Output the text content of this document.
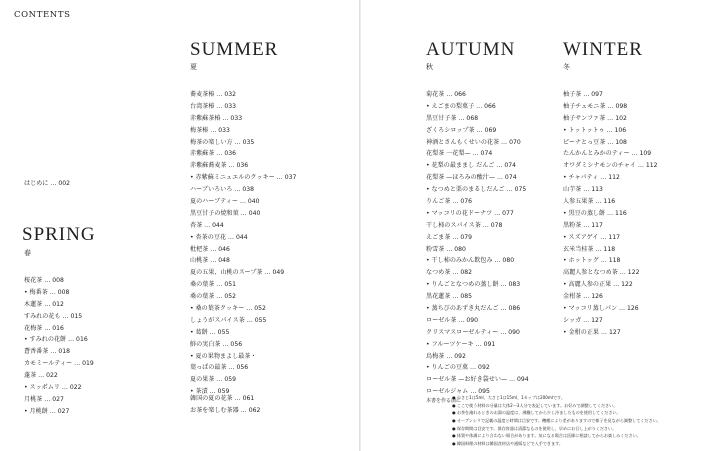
CONTENTS
SUMMER
夏
蕎麦茶椿 … 032
台湾茶椿 … 033
赤紫蘇茶椿 … 033
梅茶椿 … 033
梅茶の楽しい方 … 035
赤紫蘇茶 … 036
赤紫蘇蕎麦茶 … 036
• 赤紫蘇ミニュエルのクッキー … 037
ハーブいろいろ … 038
夏のハーブティー … 040
黒豆甘子の焼和菓 … 040
杏茶 … 044
• 杏茶の豆花 … 044
枇杷茶 … 046
山桃茶 … 048
夏の五果、山桃のスープ茶 … 049
桑の葉茶 … 051
桑の葉茶 … 052
• 桑の葉茶クッキー … 052
しょうがスパイス茶 … 055
• 葛餅 … 055
鮮の実白茶 … 056
• 夏の果物まよし最茶・
葉っぱの最茶 … 056
夏の果茶 … 059
• 茶漬 … 059
韓国の夏の花茶 … 061
お茶を楽しむ茶器 … 062
はじめに … 002
SPRING
春
桜花茶 … 008
• 梅番茶 … 008
木蓮茶 … 012
すみれの花も … 015
花梅茶 … 016
• すみれの花餅 … 016
蒼香番茶 … 018
カモミールティー … 019
蓬茶 … 022
• スッポムリ … 022
月桃茶 … 027
• 月桃餅 … 027
AUTUMN
秋
菊花茶 … 066
• えごまの梨菓子 … 066
黒豆甘子茶 … 068
ざくろシロップ茶 … 069
神酒とさんもくせいの花茶 … 070
花梨茶 一花梨— … 074
• 花梨の最ままし だんご … 074
花梨茶 —ほろみの酸汁— … 074
• なつめと栗のまるしだんご … 075
りんご茶 … 076
• マッコリの花ドーナツ … 077
干し柿のスパイス茶 … 078
えごま茶 … 079
粉雪茶 … 080
• 干し柿のみかん飲包み … 080
なつめ茶 … 082
• りんごとなつめの蒸し餅 … 083
黒花蓮茶 … 085
• 蒸ちびのあずき丸だんご … 086
ローゼル茶 … 090
クリスマスローゼルティー … 090
• フルーツケーキ … 091
烏梅茶 … 092
• りんごの豆菓 … 092
ローゼル茶 —お好き袋せい— … 094
ローゼルジャム … 095
WINTER
冬
柚子茶 … 097
柚子チュモニ茶 … 098
柚子サンファ茶 … 102
• トットットゥ … 106
ピーナとっ豆茶 … 108
たんかんとみかのティー … 109
オワダミシナモンのチャイ … 112
• チャパティ … 112
山芋茶 … 113
人参五果茶 … 116
• 黒豆の蒸し餅 … 116
黒粉茶 … 117
• スズアゲイ … 117
玄米当桂茶 … 118
• ホットッグ … 118
高麗人参となつめ茶 … 122
• 高麗人参の正果 … 122
金柑茶 … 126
• マッコリ蒸しパン … 126
シッガ … 127
• 金柑の正果 … 127
本書を作る前に
● 小さじ1は5ml、大さじ1は15ml、1カップは200mlです。
● ここで使う材料の分量は大体2〜3人分で表記しています。お好みで調整してください。
● お茶を淹れるときのお湯の温度は、沸騰してから少し冷ましたものを使用してください。
● オーブンシリで記載の温度と時間は目安です。機種により差がありますので様子を見ながら調整してください。
● 保存期間は目安です。保存容器は清潔なものを使用し、早めにお召し上がりください。
● 体質や体調により合わない場合があります。気になる場合は医師に相談してからお楽しみください。
● 韓国料理の材料は韓国食材店や通販などで入手できます。
